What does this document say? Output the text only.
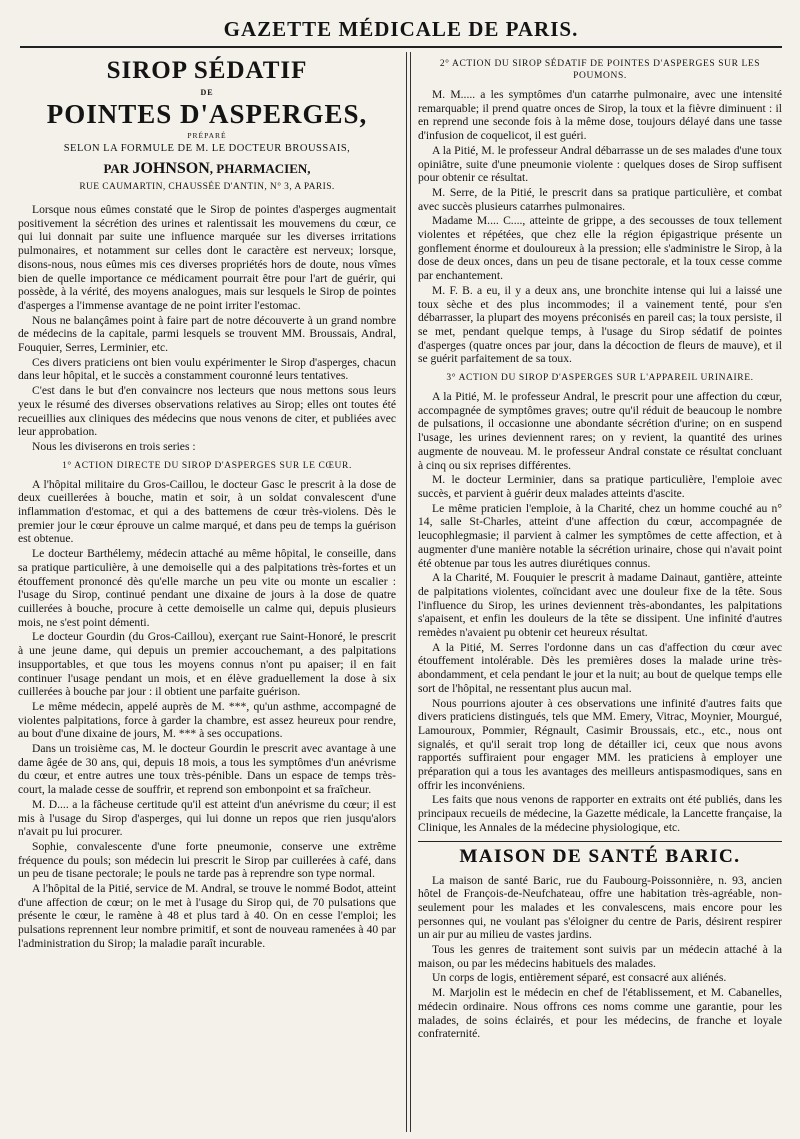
GAZETTE MÉDICALE DE PARIS.
SIROP SÉDATIF
DE
POINTES D'ASPERGES,
PRÉPARÉ
SELON LA FORMULE DE M. LE DOCTEUR BROUSSAIS,
PAR JOHNSON, PHARMACIEN,
RUE CAUMARTIN, CHAUSSÉE D'ANTIN, N° 3, A PARIS.

Lorsque nous eûmes constaté que le Sirop de pointes d'asperges augmentait positivement la sécrétion des urines et ralentissait les mouvemens du cœur, ce qui lui donnait par suite une influence marquée sur les diverses irritations pulmonaires, et notamment sur celles dont le caractère est nerveux; lorsque, disons-nous, nous eûmes mis ces diverses propriétés hors de doute, nous vîmes bien de quelle importance ce médicament pourrait être pour l'art de guérir, qui possède, à la vérité, des moyens analogues, mais sur lesquels le Sirop de pointes d'asperges a l'immense avantage de ne point irriter l'estomac.

Nous ne balançâmes point à faire part de notre découverte à un grand nombre de médecins de la capitale, parmi lesquels se trouvent MM. Broussais, Andral, Fouquier, Serres, Lerminier, etc.

Ces divers praticiens ont bien voulu expérimenter le Sirop d'asperges, chacun dans leur hôpital, et le succès a constamment couronné leurs tentatives.

C'est dans le but d'en convaincre nos lecteurs que nous mettons sous leurs yeux le résumé des diverses observations relatives au Sirop; elles ont toutes été recueillies aux cliniques des médecins que nous venons de citer, et publiées avec leur approbation.

Nous les diviserons en trois series :

1° ACTION DIRECTE DU SIROP D'ASPERGES SUR LE CŒUR.

A l'hôpital militaire du Gros-Caillou, le docteur Gasc le prescrit à la dose de deux cueillerées à bouche, matin et soir, à un soldat convalescent d'une inflammation d'estomac, et qui a des battemens de cœur très-violens. Dès le premier jour le cœur éprouve un calme marqué, et dans peu de temps la guérison est obtenue.

Le docteur Barthélemy, médecin attaché au même hôpital, le conseille, dans sa pratique particulière, à une demoiselle qui a des palpitations très-fortes et un étouffement prononcé dès qu'elle marche un peu vite ou monte un escalier : l'usage du Sirop, continué pendant une dixaine de jours à la dose de quatre cuillerées à bouche, procure à cette demoiselle un calme qui, depuis plusieurs mois, ne s'est point démenti.

Le docteur Gourdin (du Gros-Caillou), exerçant rue Saint-Honoré, le prescrit à une jeune dame, qui depuis un premier accouchemant, a des palpitations insupportables, et que tous les moyens connus n'ont pu apaiser; il en fait continuer l'usage pendant un mois, et en élève graduellement la dose à six cuillerées à bouche par jour : il obtient une parfaite guérison.

Le même médecin, appelé auprès de M. ***, qu'un asthme, accompagné de violentes palpitations, force à garder la chambre, est assez heureux pour rendre, au bout d'une dixaine de jours, M. *** à ses occupations.

Dans un troisième cas, M. le docteur Gourdin le prescrit avec avantage à une dame âgée de 30 ans, qui, depuis 18 mois, a tous les symptômes d'un anévrisme du cœur, et entre autres une toux très-pénible. Dans un espace de temps très-court, la malade cesse de souffrir, et reprend son embonpoint et sa fraîcheur.

M. D.... a la fâcheuse certitude qu'il est atteint d'un anévrisme du cœur; il est mis à l'usage du Sirop d'asperges, qui lui donne un repos que rien jusqu'alors n'avait pu lui procurer.

Sophie, convalescente d'une forte pneumonie, conserve une extrême fréquence du pouls; son médecin lui prescrit le Sirop par cuillerées à café, dans un peu de tisane pectorale; le pouls ne tarde pas à reprendre son type normal.

A l'hôpital de la Pitié, service de M. Andral, se trouve le nommé Bodot, atteint d'une affection de cœur; on le met à l'usage du Sirop qui, de 70 pulsations que présente le cœur, le ramène à 48 et plus tard à 40. On en cesse l'emploi; les pulsations reprennent leur nombre primitif, et sont de nouveau ramenées à 40 par l'administration du Sirop; la maladie paraît incurable.

2° ACTION DU SIROP SÉDATIF DE POINTES D'ASPERGES SUR LES POUMONS.

M. M..... a les symptômes d'un catarrhe pulmonaire, avec une intensité remarquable; il prend quatre onces de Sirop, la toux et la fièvre diminuent : il en reprend une seconde fois à la même dose, toujours délayé dans une tasse d'infusion de coquelicot, il est guéri.

A la Pitié, M. le professeur Andral débarrasse un de ses malades d'une toux opiniâtre, suite d'une pneumonie violente : quelques doses de Sirop suffisent pour obtenir ce résultat.

M. Serre, de la Pitié, le prescrit dans sa pratique particulière, et combat avec succès plusieurs catarrhes pulmonaires.

Madame M.... C...., atteinte de grippe, a des secousses de toux tellement violentes et répétées, que chez elle la région épigastrique présente un gonflement énorme et douloureux à la pression; elle s'administre le Sirop, à la dose de deux onces, dans un peu de tisane pectorale, et la toux cesse comme par enchantement.

M. F. B. a eu, il y a deux ans, une bronchite intense qui lui a laissé une toux sèche et des plus incommodes; il a vainement tenté, pour s'en débarrasser, la plupart des moyens préconisés en pareil cas; la toux persiste, il se met, pendant quelque temps, à l'usage du Sirop sédatif de pointes d'asperges (quatre onces par jour, dans la décoction de fleurs de mauve), et il se guérit parfaitement de sa toux.

3° ACTION DU SIROP D'ASPERGES SUR L'APPAREIL URINAIRE.

A la Pitié, M. le professeur Andral, le prescrit pour une affection du cœur, accompagnée de symptômes graves; outre qu'il réduit de beaucoup le nombre de pulsations, il occasionne une abondante sécrétion d'urine; on en suspend l'usage, les urines deviennent rares; on y revient, la quantité des urines augmente de nouveau. M. le professeur Andral constate ce résultat concluant à cinq ou six reprises différentes.

M. le docteur Lerminier, dans sa pratique particulière, l'emploie avec succès, et parvient à guérir deux malades atteints d'ascite.

Le même praticien l'emploie, à la Charité, chez un homme couché au n° 14, salle St-Charles, atteint d'une affection du cœur, accompagnée de leucophlegmasie; il parvient à calmer les symptômes de cette affection, et à augmenter d'une manière notable la sécrétion urinaire, chose qui n'avait point été obtenue par tous les autres diurétiques connus.

A la Charité, M. Fouquier le prescrit à madame Dainaut, gantière, atteinte de palpitations violentes, coïncidant avec une douleur fixe de la tête. Sous l'influence du Sirop, les urines deviennent très-abondantes, les palpitations s'apaisent, et enfin les douleurs de la tête se dissipent. Une infinité d'autres remèdes n'avaient pu obtenir cet heureux résultat.

A la Pitié, M. Serres l'ordonne dans un cas d'affection du cœur avec étouffement intolérable. Dès les premières doses la malade urine très-abondamment, et cela pendant le jour et la nuit; au bout de quelque temps elle sort de l'hôpital, ne ressentant plus aucun mal.

Nous pourrions ajouter à ces observations une infinité d'autres faits que divers praticiens distingués, tels que MM. Emery, Vitrac, Moynier, Mourgué, Lamouroux, Pommier, Régnault, Casimir Broussais, etc., etc., nous ont signalés, et qu'il serait trop long de détailler ici, ceux que nous avons rapportés suffiraient pour engager MM. les praticiens à employer une préparation qui a tous les avantages des meilleurs antispasmodiques, sans en offrir les inconvéniens.

Les faits que nous venons de rapporter en extraits ont été publiés, dans les principaux recueils de médecine, la Gazette médicale, la Lancette française, la Clinique, les Annales de la médecine physiologique, etc.

MAISON DE SANTÉ BARIC.

La maison de santé Baric, rue du Faubourg-Poissonnière, n. 93, ancien hôtel de François-de-Neufchateau, offre une habitation très-agréable, non-seulement pour les malades et les convalescens, mais encore pour les personnes qui, ne voulant pas s'éloigner du centre de Paris, désirent respirer un air pur au milieu de vastes jardins.

Tous les genres de traitement sont suivis par un médecin attaché à la maison, ou par les médecins habituels des malades.

Un corps de logis, entièrement séparé, est consacré aux aliénés.

M. Marjolin est le médecin en chef de l'établissement, et M. Cabanelles, médecin ordinaire. Nous offrons ces noms comme une garantie, pour les malades, de soins éclairés, et pour les médecins, de franche et loyale confraternité.
